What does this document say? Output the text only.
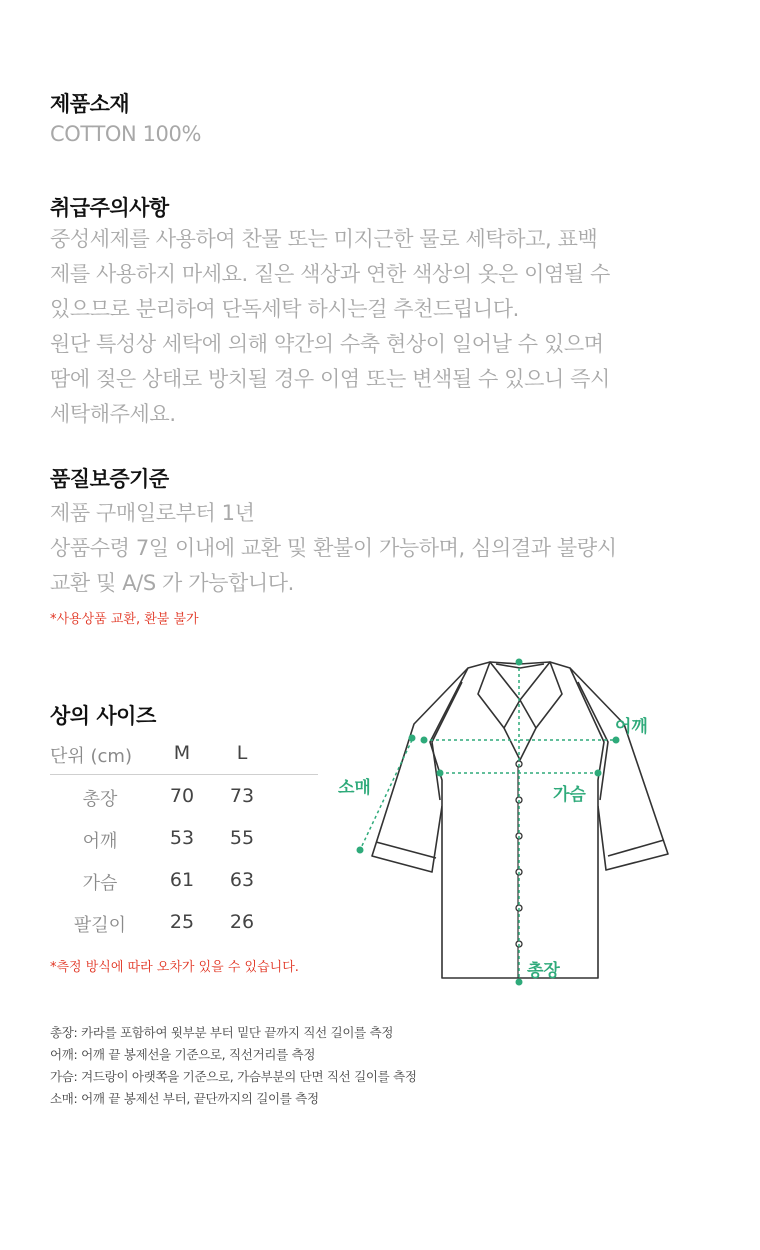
제품소재
COTTON 100%
취급주의사항
중성세제를 사용하여 찬물 또는 미지근한 물로 세탁하고, 표백
제를 사용하지 마세요. 짙은 색상과 연한 색상의 옷은 이염될 수
있으므로 분리하여 단독세탁 하시는걸 추천드립니다.
원단 특성상 세탁에 의해 약간의 수축 현상이 일어날 수 있으며
땀에 젖은 상태로 방치될 경우 이염 또는 변색될 수 있으니 즉시
세탁해주세요.
품질보증기준
제품 구매일로부터 1년
상품수령 7일 이내에 교환 및 환불이 가능하며, 심의결과 불량시
교환 및 A/S 가 가능합니다.
*사용상품 교환, 환불 불가
상의 사이즈
단위 (cm)	M	L
총장	70	73
어깨	53	55
가슴	61	63
팔길이	25	26
*측정 방식에 따라 오차가 있을 수 있습니다.
어깨
소매	가슴
총장
총장: 카라를 포함하여 윗부분 부터 밑단 끝까지 직선 길이를 측정
어깨: 어깨 끝 봉제선을 기준으로, 직선거리를 측정
가슴: 겨드랑이 아랫쪽을 기준으로, 가슴부분의 단면 직선 길이를 측정
소매: 어깨 끝 봉제선 부터, 끝단까지의 길이를 측정
